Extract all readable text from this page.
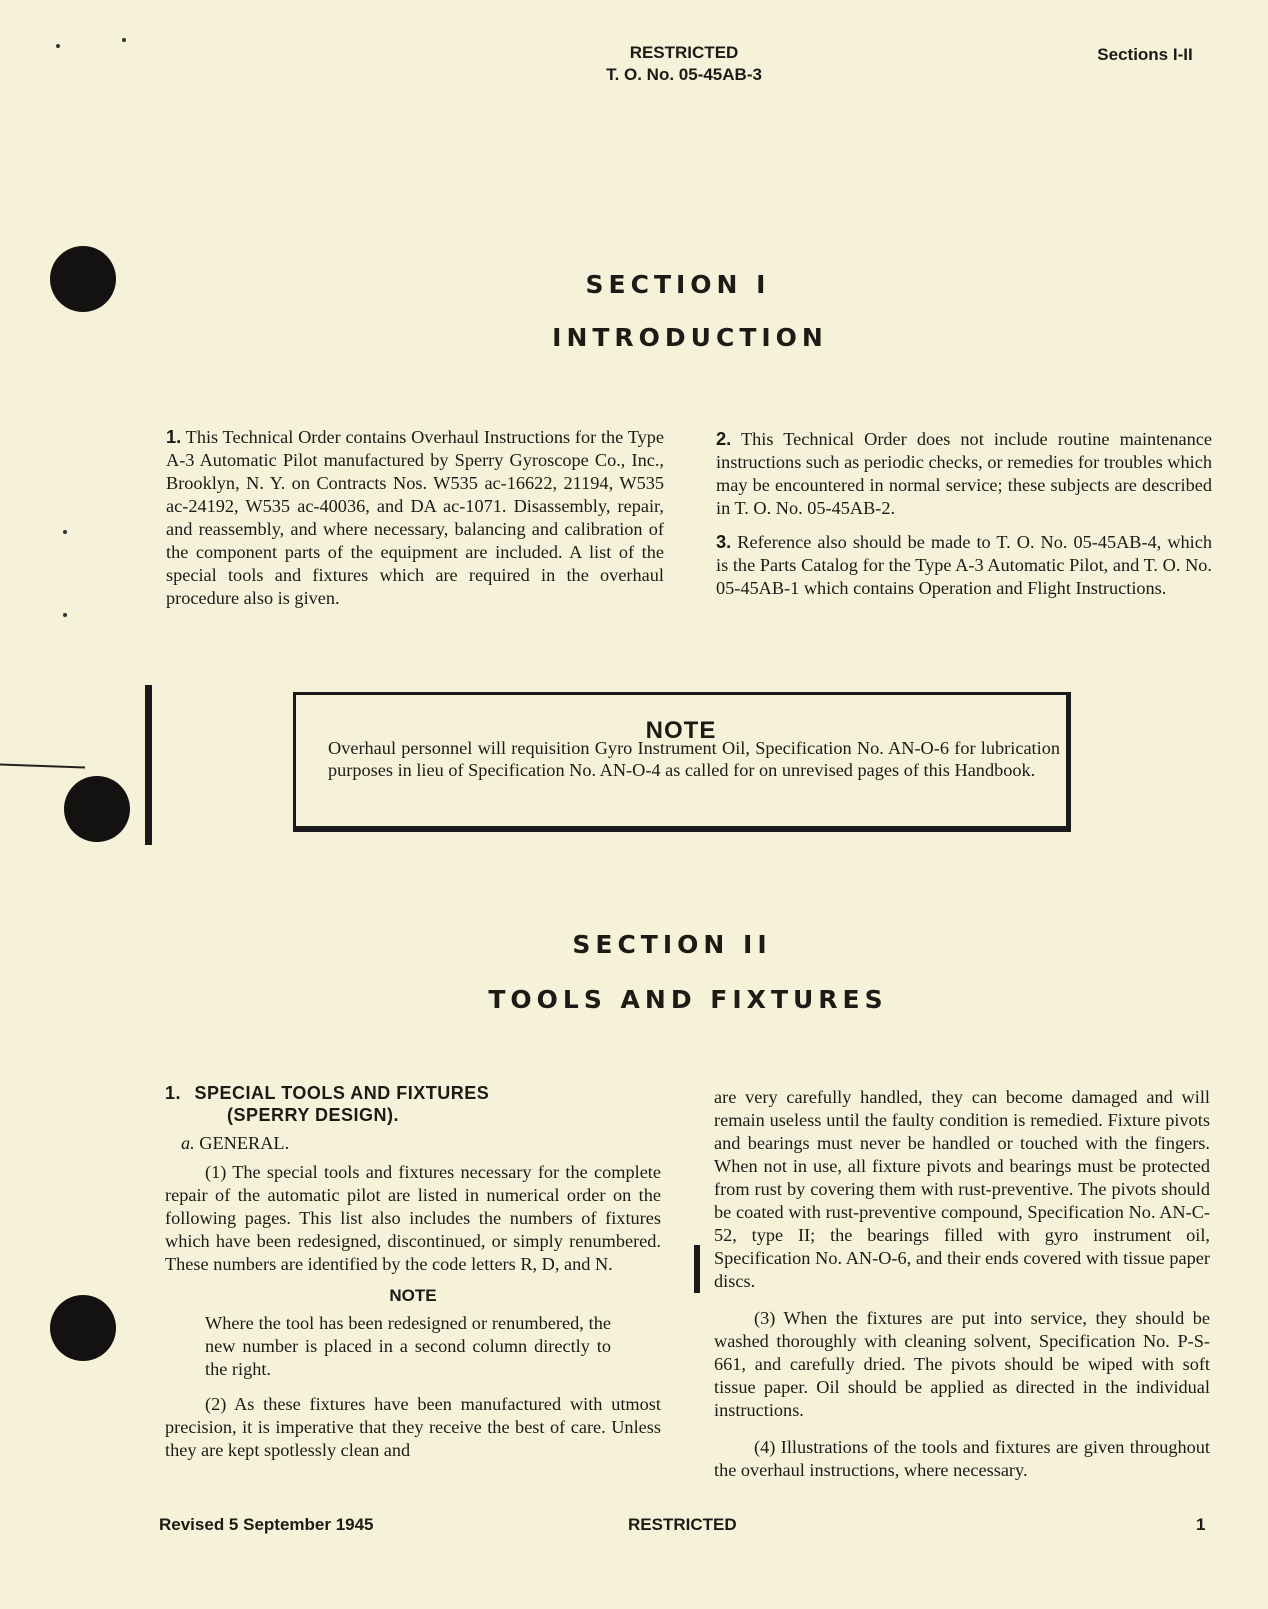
RESTRICTED
T. O. No. 05-45AB-3
Sections I-II
SECTION I
INTRODUCTION

1. This Technical Order contains Overhaul Instructions for the Type A-3 Automatic Pilot manufactured by Sperry Gyroscope Co., Inc., Brooklyn, N. Y. on Contracts Nos. W535 ac-16622, 21194, W535 ac-24192, W535 ac-40036, and DA ac-1071. Disassembly, repair, and reassembly, and where necessary, balancing and calibration of the component parts of the equipment are included. A list of the special tools and fixtures which are required in the overhaul procedure also is given.

2. This Technical Order does not include routine maintenance instructions such as periodic checks, or remedies for troubles which may be encountered in normal service; these subjects are described in T. O. No. 05-45AB-2.

3. Reference also should be made to T. O. No. 05-45AB-4, which is the Parts Catalog for the Type A-3 Automatic Pilot, and T. O. No. 05-45AB-1 which contains Operation and Flight Instructions.

NOTE
Overhaul personnel will requisition Gyro Instrument Oil, Specification No. AN-O-6 for lubrication purposes in lieu of Specification No. AN-O-4 as called for on unrevised pages of this Handbook.
SECTION II
TOOLS AND FIXTURES
1. SPECIAL TOOLS AND FIXTURES
(SPERRY DESIGN).
a. GENERAL.

(1) The special tools and fixtures necessary for the complete repair of the automatic pilot are listed in numerical order on the following pages. This list also includes the numbers of fixtures which have been redesigned, discontinued, or simply renumbered. These numbers are identified by the code letters R, D, and N.

NOTE
Where the tool has been redesigned or renumbered, the new number is placed in a second column directly to the right.

(2) As these fixtures have been manufactured with utmost precision, it is imperative that they receive the best of care. Unless they are kept spotlessly clean and

are very carefully handled, they can become damaged and will remain useless until the faulty condition is remedied. Fixture pivots and bearings must never be handled or touched with the fingers. When not in use, all fixture pivots and bearings must be protected from rust by covering them with rust-preventive. The pivots should be coated with rust-preventive compound, Specification No. AN-C-52, type II; the bearings filled with gyro instrument oil, Specification No. AN-O-6, and their ends covered with tissue paper discs.

(3) When the fixtures are put into service, they should be washed thoroughly with cleaning solvent, Specification No. P-S-661, and carefully dried. The pivots should be wiped with soft tissue paper. Oil should be applied as directed in the individual instructions.

(4) Illustrations of the tools and fixtures are given throughout the overhaul instructions, where necessary.

Revised 5 September 1945	RESTRICTED	1
